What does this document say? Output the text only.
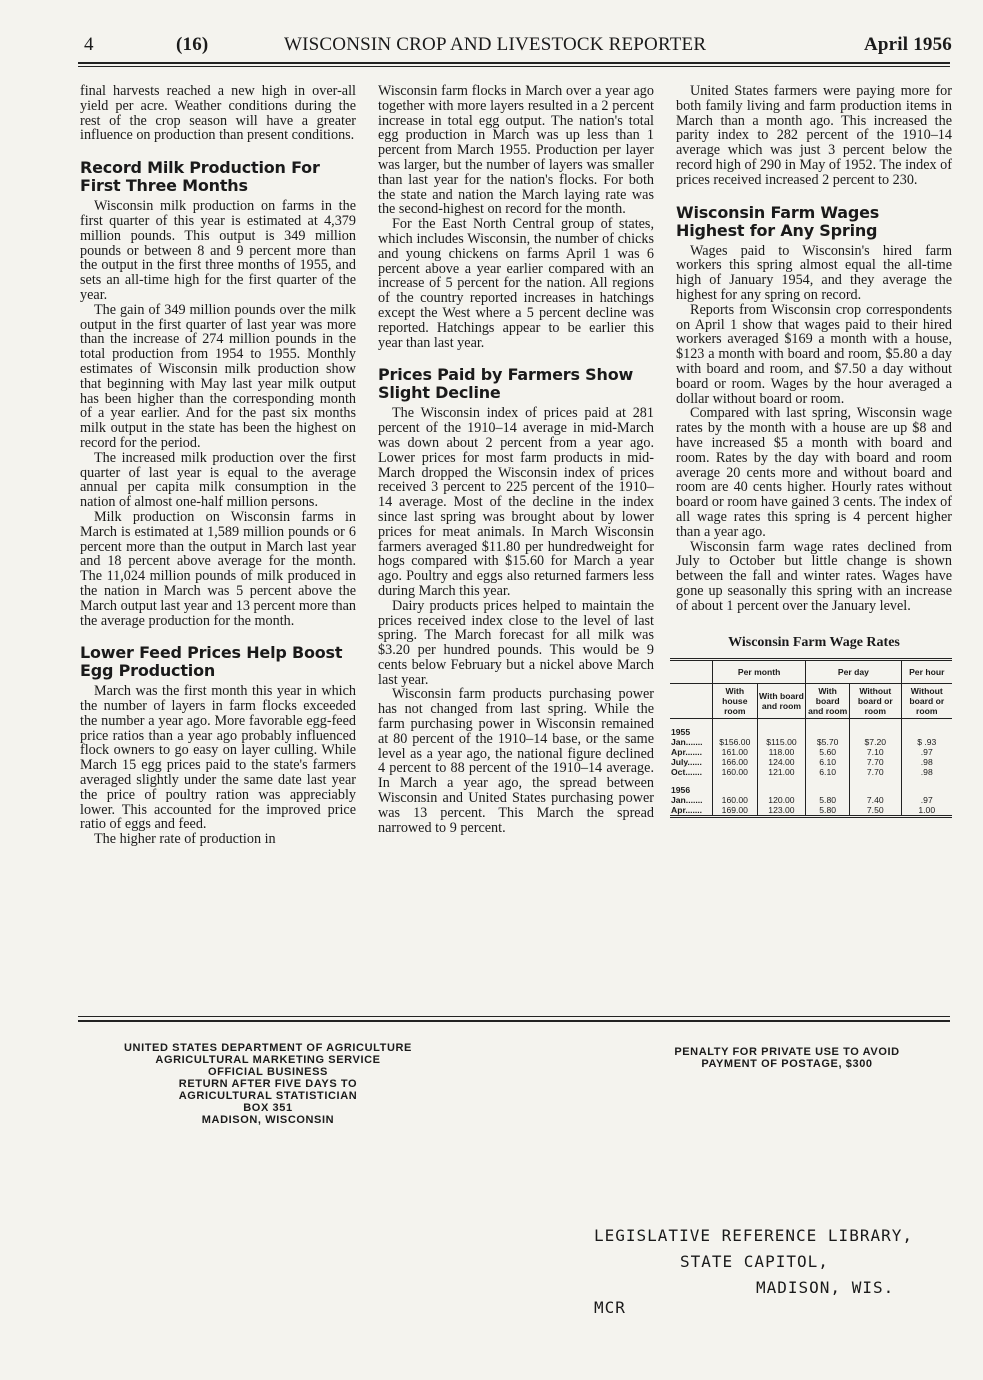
4	(16)	WISCONSIN CROP AND LIVESTOCK REPORTER	April 1956

final harvests reached a new high in over-all yield per acre. Weather conditions during the rest of the crop season will have a greater influence on production than present conditions.

Record Milk Production For First Three Months

Wisconsin milk production on farms in the first quarter of this year is estimated at 4,379 million pounds. This output is 349 million pounds or between 8 and 9 percent more than the output in the first three months of 1955, and sets an all-time high for the first quarter of the year.

The gain of 349 million pounds over the milk output in the first quarter of last year was more than the increase of 274 million pounds in the total production from 1954 to 1955. Monthly estimates of Wisconsin milk production show that beginning with May last year milk output has been higher than the corresponding month of a year earlier. And for the past six months milk output in the state has been the highest on record for the period.

The increased milk production over the first quarter of last year is equal to the average annual per capita milk consumption in the nation of almost one-half million persons.

Milk production on Wisconsin farms in March is estimated at 1,589 million pounds or 6 percent more than the output in March last year and 18 percent above average for the month. The 11,024 million pounds of milk produced in the nation in March was 5 percent above the March output last year and 13 percent more than the average production for the month.

Lower Feed Prices Help Boost Egg Production

March was the first month this year in which the number of layers in farm flocks exceeded the number a year ago. More favorable egg-feed price ratios than a year ago probably influenced flock owners to go easy on layer culling. While March 15 egg prices paid to the state's farmers averaged slightly under the same date last year the price of poultry ration was appreciably lower. This accounted for the improved price ratio of eggs and feed.

The higher rate of production in

Wisconsin farm flocks in March over a year ago together with more layers resulted in a 2 percent increase in total egg output. The nation's total egg production in March was up less than 1 percent from March 1955. Production per layer was larger, but the number of layers was smaller than last year for the nation's flocks. For both the state and nation the March laying rate was the second-highest on record for the month.

For the East North Central group of states, which includes Wisconsin, the number of chicks and young chickens on farms April 1 was 6 percent above a year earlier compared with an increase of 5 percent for the nation. All regions of the country reported increases in hatchings except the West where a 5 percent decline was reported. Hatchings appear to be earlier this year than last year.

Prices Paid by Farmers Show Slight Decline

The Wisconsin index of prices paid at 281 percent of the 1910–14 average in mid-March was down about 2 percent from a year ago. Lower prices for most farm products in mid-March dropped the Wisconsin index of prices received 3 percent to 225 percent of the 1910–14 average. Most of the decline in the index since last spring was brought about by lower prices for meat animals. In March Wisconsin farmers averaged $11.80 per hundredweight for hogs compared with $15.60 for March a year ago. Poultry and eggs also returned farmers less during March this year.

Dairy products prices helped to maintain the prices received index close to the level of last spring. The March forecast for all milk was $3.20 per hundred pounds. This would be 9 cents below February but a nickel above March last year.

Wisconsin farm products purchasing power has not changed from last spring. While the farm purchasing power in Wisconsin remained at 80 percent of the 1910–14 base, or the same level as a year ago, the national figure declined 4 percent to 88 percent of the 1910–14 average. In March a year ago, the spread between Wisconsin and United States purchasing power was 13 percent. This March the spread narrowed to 9 percent.

United States farmers were paying more for both family living and farm production items in March than a month ago. This increased the parity index to 282 percent of the 1910–14 average which was just 3 percent below the record high of 290 in May of 1952. The index of prices received increased 2 percent to 230.

Wisconsin Farm Wages Highest for Any Spring

Wages paid to Wisconsin's hired farm workers this spring almost equal the all-time high of January 1954, and they average the highest for any spring on record.

Reports from Wisconsin crop correspondents on April 1 show that wages paid to their hired workers averaged $169 a month with a house, $123 a month with board and room, $5.80 a day with board and room, and $7.50 a day without board or room. Wages by the hour averaged a dollar without board or room.

Compared with last spring, Wisconsin wage rates by the month with a house are up $8 and have increased $5 a month with board and room. Rates by the day with board and room average 20 cents more and without board and room are 40 cents higher. Hourly rates without board or room have gained 3 cents. The index of all wage rates this spring is 4 percent higher than a year ago.

Wisconsin farm wage rates declined from July to October but little change is shown between the fall and winter rates. Wages have gone up seasonally this spring with an increase of about 1 percent over the January level.

Wisconsin Farm Wage Rates
	Per month		Per day		Per hour
	With house room	With board and room	With board and room	Without board or room	Without board or room
1955					
Jan.......	$156.00	$115.00	$5.70	$7.20	$ .93
Apr.......	161.00	118.00	5.60	7.10	.97
July......	166.00	124.00	6.10	7.70	.98
Oct.......	160.00	121.00	6.10	7.70	.98
1956					
Jan.......	160.00	120.00	5.80	7.40	.97
Apr.......	169.00	123.00	5.80	7.50	1.00
UNITED STATES DEPARTMENT OF AGRICULTURE
AGRICULTURAL MARKETING SERVICE
OFFICIAL BUSINESS
RETURN AFTER FIVE DAYS TO
AGRICULTURAL STATISTICIAN
BOX 351
MADISON, WISCONSIN
PENALTY FOR PRIVATE USE TO AVOID
PAYMENT OF POSTAGE, $300
LEGISLATIVE REFERENCE LIBRARY,
STATE CAPITOL,
MADISON, WIS.
MCR
